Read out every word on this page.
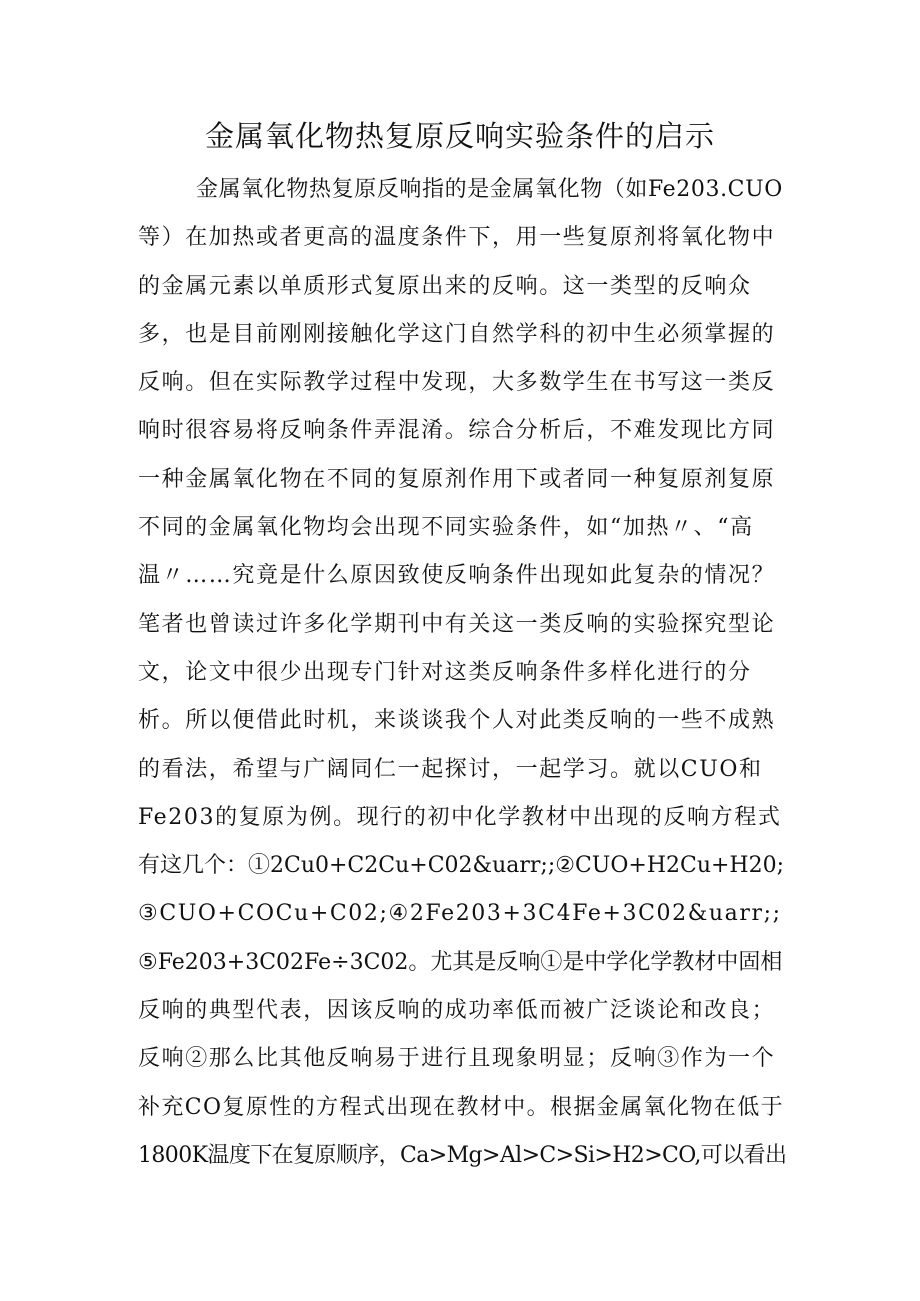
金属氧化物热复原反响实验条件的启示
金属氧化物热复原反响指的是金属氧化物（如Fe203.CUO
等）在加热或者更高的温度条件下，用一些复原剂将氧化物中
的金属元素以单质形式复原出来的反响。这一类型的反响众
多，也是目前刚刚接触化学这门自然学科的初中生必须掌握的
反响。但在实际教学过程中发现，大多数学生在书写这一类反
响时很容易将反响条件弄混淆。综合分析后，不难发现比方同
一种金属氧化物在不同的复原剂作用下或者同一种复原剂复原
不同的金属氧化物均会出现不同实验条件，如“加热〃、“高
温〃……究竟是什么原因致使反响条件出现如此复杂的情况？
笔者也曾读过许多化学期刊中有关这一类反响的实验探究型论
文，论文中很少出现专门针对这类反响条件多样化进行的分
析。所以便借此时机，来谈谈我个人对此类反响的一些不成熟
的看法，希望与广阔同仁一起探讨，一起学习。就以CUO和
Fe203的复原为例。现行的初中化学教材中出现的反响方程式
有这几个：①2Cu0+C2Cu+C02&uarr;;②CUO+H2Cu+H20;
③CUO+COCu+C02;④2Fe203+3C4Fe+3C02&uarr;;
⑤Fe203+3C02Fe÷3C02。尤其是反响①是中学化学教材中固相
反响的典型代表，因该反响的成功率低而被广泛谈论和改良；
反响②那么比其他反响易于进行且现象明显；反响③作为一个
补充CO复原性的方程式出现在教材中。根据金属氧化物在低于
1800K温度下在复原顺序，Ca>Mg>Al>C>Si>H2>CO,可以看出
